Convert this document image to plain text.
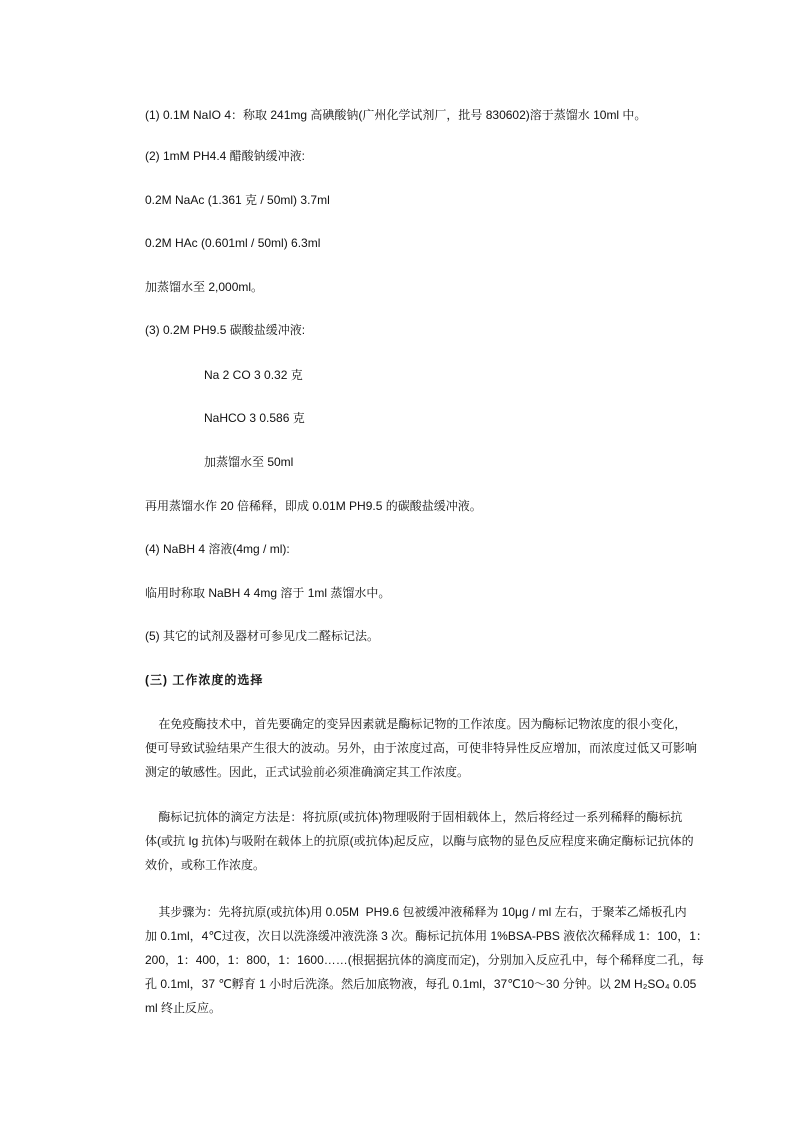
(1) 0.1M NaIO 4：称取 241mg 高碘酸钠(广州化学试剂厂，批号 830602)溶于蒸馏水 10ml 中。
(2) 1mM PH4.4 醋酸钠缓冲液:
0.2M NaAc (1.361 克 / 50ml) 3.7ml
0.2M HAc (0.601ml / 50ml) 6.3ml
加蒸馏水至 2,000ml。
(3) 0.2M PH9.5 碳酸盐缓冲液:
Na 2 CO 3 0.32 克
NaHCO 3 0.586 克
加蒸馏水至 50ml
再用蒸馏水作 20 倍稀释，即成 0.01M PH9.5 的碳酸盐缓冲液。
(4) NaBH 4 溶液(4mg / ml):
临用时称取 NaBH 4 4mg 溶于 1ml 蒸馏水中。
(5) 其它的试剂及器材可参见戊二醛标记法。
(三) 工作浓度的选择
在免疫酶技术中，首先要确定的变异因素就是酶标记物的工作浓度。因为酶标记物浓度的很小变化，
便可导致试验结果产生很大的波动。另外，由于浓度过高，可使非特异性反应增加，而浓度过低又可影响
测定的敏感性。因此，正式试验前必须准确滴定其工作浓度。
酶标记抗体的滴定方法是：将抗原(或抗体)物理吸附于固相载体上，然后将经过一系列稀释的酶标抗
体(或抗 Ig 抗体)与吸附在载体上的抗原(或抗体)起反应，以酶与底物的显色反应程度来确定酶标记抗体的
效价，或称工作浓度。
其步骤为：先将抗原(或抗体)用 0.05M  PH9.6 包被缓冲液稀释为 10μg / ml 左右，于聚苯乙烯板孔内
加 0.1ml，4℃过夜，次日以洗涤缓冲液洗涤 3 次。酶标记抗体用 1%BSA-PBS 液依次稀释成 1：100，1：
200，1：400，1：800，1：1600……(根据据抗体的滴度而定)，分别加入反应孔中，每个稀释度二孔，每
孔 0.1ml，37 ℃孵育 1 小时后洗涤。然后加底物液，每孔 0.1ml，37℃10～30 分钟。以 2M H₂SO₄ 0.05
ml 终止反应。
